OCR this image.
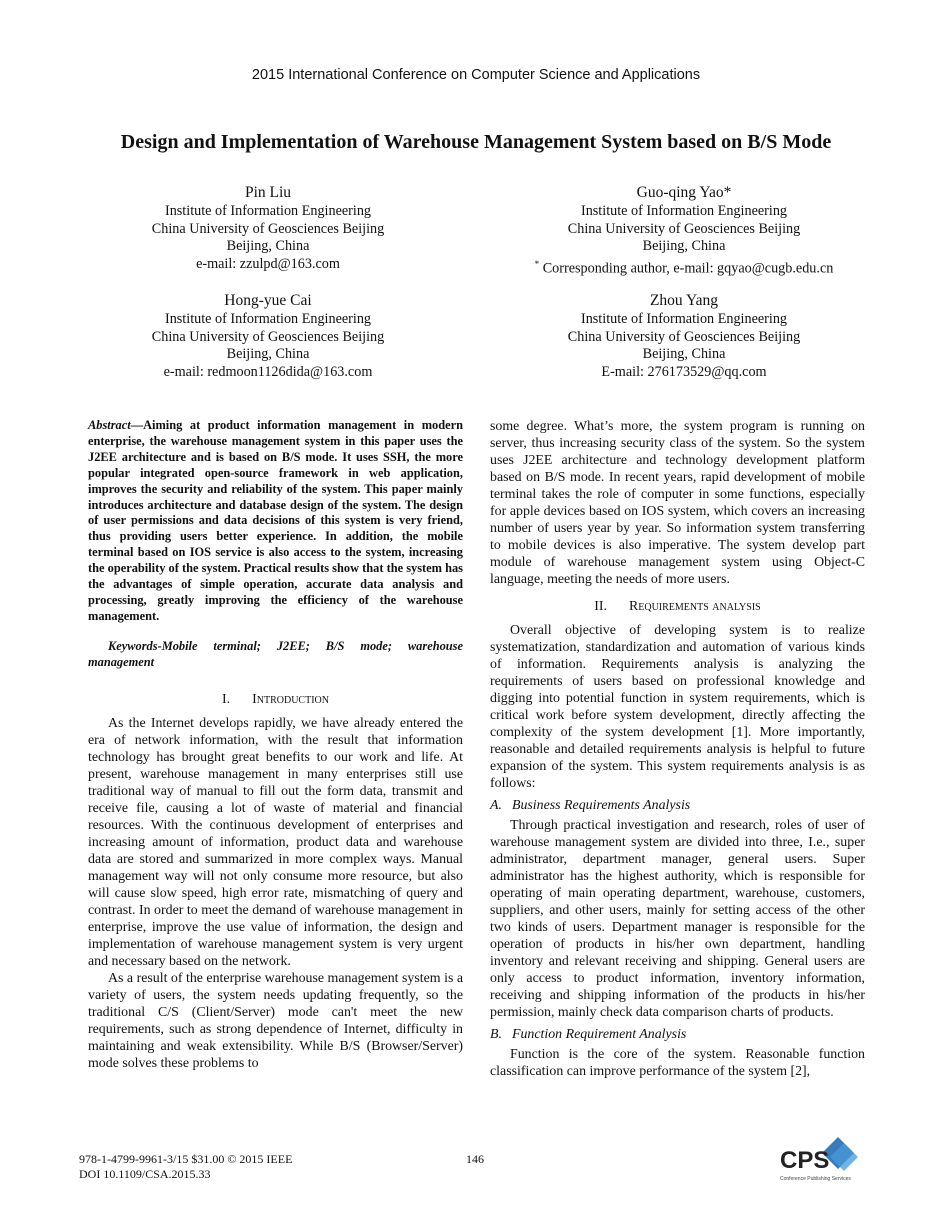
2015 International Conference on Computer Science and Applications
Design and Implementation of Warehouse Management System based on B/S Mode
Pin Liu
Institute of Information Engineering
China University of Geosciences Beijing
Beijing, China
e-mail: zzulpd@163.com
Guo-qing Yao*
Institute of Information Engineering
China University of Geosciences Beijing
Beijing, China
* Corresponding author, e-mail: gqyao@cugb.edu.cn
Hong-yue Cai
Institute of Information Engineering
China University of Geosciences Beijing
Beijing, China
e-mail: redmoon1126dida@163.com
Zhou Yang
Institute of Information Engineering
China University of Geosciences Beijing
Beijing, China
E-mail: 276173529@qq.com

Abstract—Aiming at product information management in modern enterprise, the warehouse management system in this paper uses the J2EE architecture and is based on B/S mode. It uses SSH, the more popular integrated open-source framework in web application, improves the security and reliability of the system. This paper mainly introduces architecture and database design of the system. The design of user permissions and data decisions of this system is very friend, thus providing users better experience. In addition, the mobile terminal based on IOS service is also access to the system, increasing the operability of the system. Practical results show that the system has the advantages of simple operation, accurate data analysis and processing, greatly improving the efficiency of the warehouse management.

Keywords-Mobile terminal; J2EE; B/S mode; warehouse management

I. Introduction

As the Internet develops rapidly, we have already entered the era of network information, with the result that information technology has brought great benefits to our work and life. At present, warehouse management in many enterprises still use traditional way of manual to fill out the form data, transmit and receive file, causing a lot of waste of material and financial resources. With the continuous development of enterprises and increasing amount of information, product data and warehouse data are stored and summarized in more complex ways. Manual management way will not only consume more resource, but also will cause slow speed, high error rate, mismatching of query and contrast. In order to meet the demand of warehouse management in enterprise, improve the use value of information, the design and implementation of warehouse management system is very urgent and necessary based on the network.

As a result of the enterprise warehouse management system is a variety of users, the system needs updating frequently, so the traditional C/S (Client/Server) mode can't meet the new requirements, such as strong dependence of Internet, difficulty in maintaining and weak extensibility. While B/S (Browser/Server) mode solves these problems to

some degree. What’s more, the system program is running on server, thus increasing security class of the system. So the system uses J2EE architecture and technology development platform based on B/S mode. In recent years, rapid development of mobile terminal takes the role of computer in some functions, especially for apple devices based on IOS system, which covers an increasing number of users year by year. So information system transferring to mobile devices is also imperative. The system develop part module of warehouse management system using Object-C language, meeting the needs of more users.

II. Requirements analysis

Overall objective of developing system is to realize systematization, standardization and automation of various kinds of information. Requirements analysis is analyzing the requirements of users based on professional knowledge and digging into potential function in system requirements, which is critical work before system development, directly affecting the complexity of the system development [1]. More importantly, reasonable and detailed requirements analysis is helpful to future expansion of the system. This system requirements analysis is as follows:

A. Business Requirements Analysis

Through practical investigation and research, roles of user of warehouse management system are divided into three, I.e., super administrator, department manager, general users. Super administrator has the highest authority, which is responsible for operating of main operating department, warehouse, customers, suppliers, and other users, mainly for setting access of the other two kinds of users. Department manager is responsible for the operation of products in his/her own department, handling inventory and relevant receiving and shipping. General users are only access to product information, inventory information, receiving and shipping information of the products in his/her permission, mainly check data comparison charts of products.

B. Function Requirement Analysis

Function is the core of the system. Reasonable function classification can improve performance of the system [2],

978-1-4799-9961-3/15 $31.00 © 2015 IEEE
DOI 10.1109/CSA.2015.33
146	CPS
Conference Publishing Services
